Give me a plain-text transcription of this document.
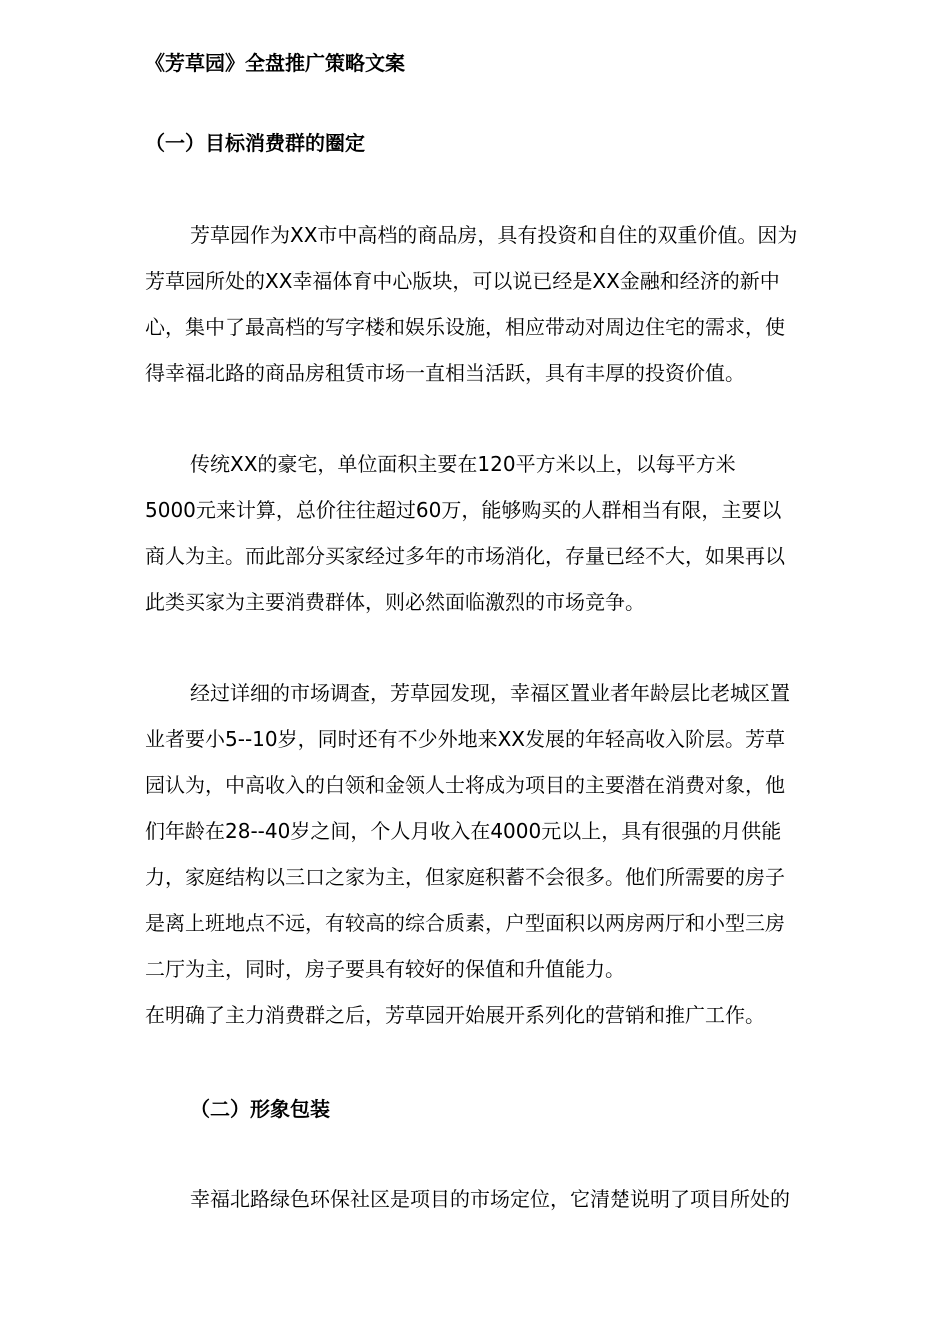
《芳草园》全盘推广策略文案
（一）目标消费群的圈定
芳草园作为XX市中高档的商品房，具有投资和自住的双重价值。因为
芳草园所处的XX幸福体育中心版块，可以说已经是XX金融和经济的新中
心，集中了最高档的写字楼和娱乐设施，相应带动对周边住宅的需求，使
得幸福北路的商品房租赁市场一直相当活跃，具有丰厚的投资价值。
传统XX的豪宅，单位面积主要在120平方米以上，以每平方米
5000元来计算，总价往往超过60万，能够购买的人群相当有限，主要以
商人为主。而此部分买家经过多年的市场消化，存量已经不大，如果再以
此类买家为主要消费群体，则必然面临激烈的市场竞争。
经过详细的市场调查，芳草园发现，幸福区置业者年龄层比老城区置
业者要小5--10岁，同时还有不少外地来XX发展的年轻高收入阶层。芳草
园认为，中高收入的白领和金领人士将成为项目的主要潜在消费对象，他
们年龄在28--40岁之间，个人月收入在4000元以上，具有很强的月供能
力，家庭结构以三口之家为主，但家庭积蓄不会很多。他们所需要的房子
是离上班地点不远，有较高的综合质素，户型面积以两房两厅和小型三房
二厅为主，同时，房子要具有较好的保值和升值能力。
在明确了主力消费群之后，芳草园开始展开系列化的营销和推广工作。
（二）形象包装
幸福北路绿色环保社区是项目的市场定位，它清楚说明了项目所处的
